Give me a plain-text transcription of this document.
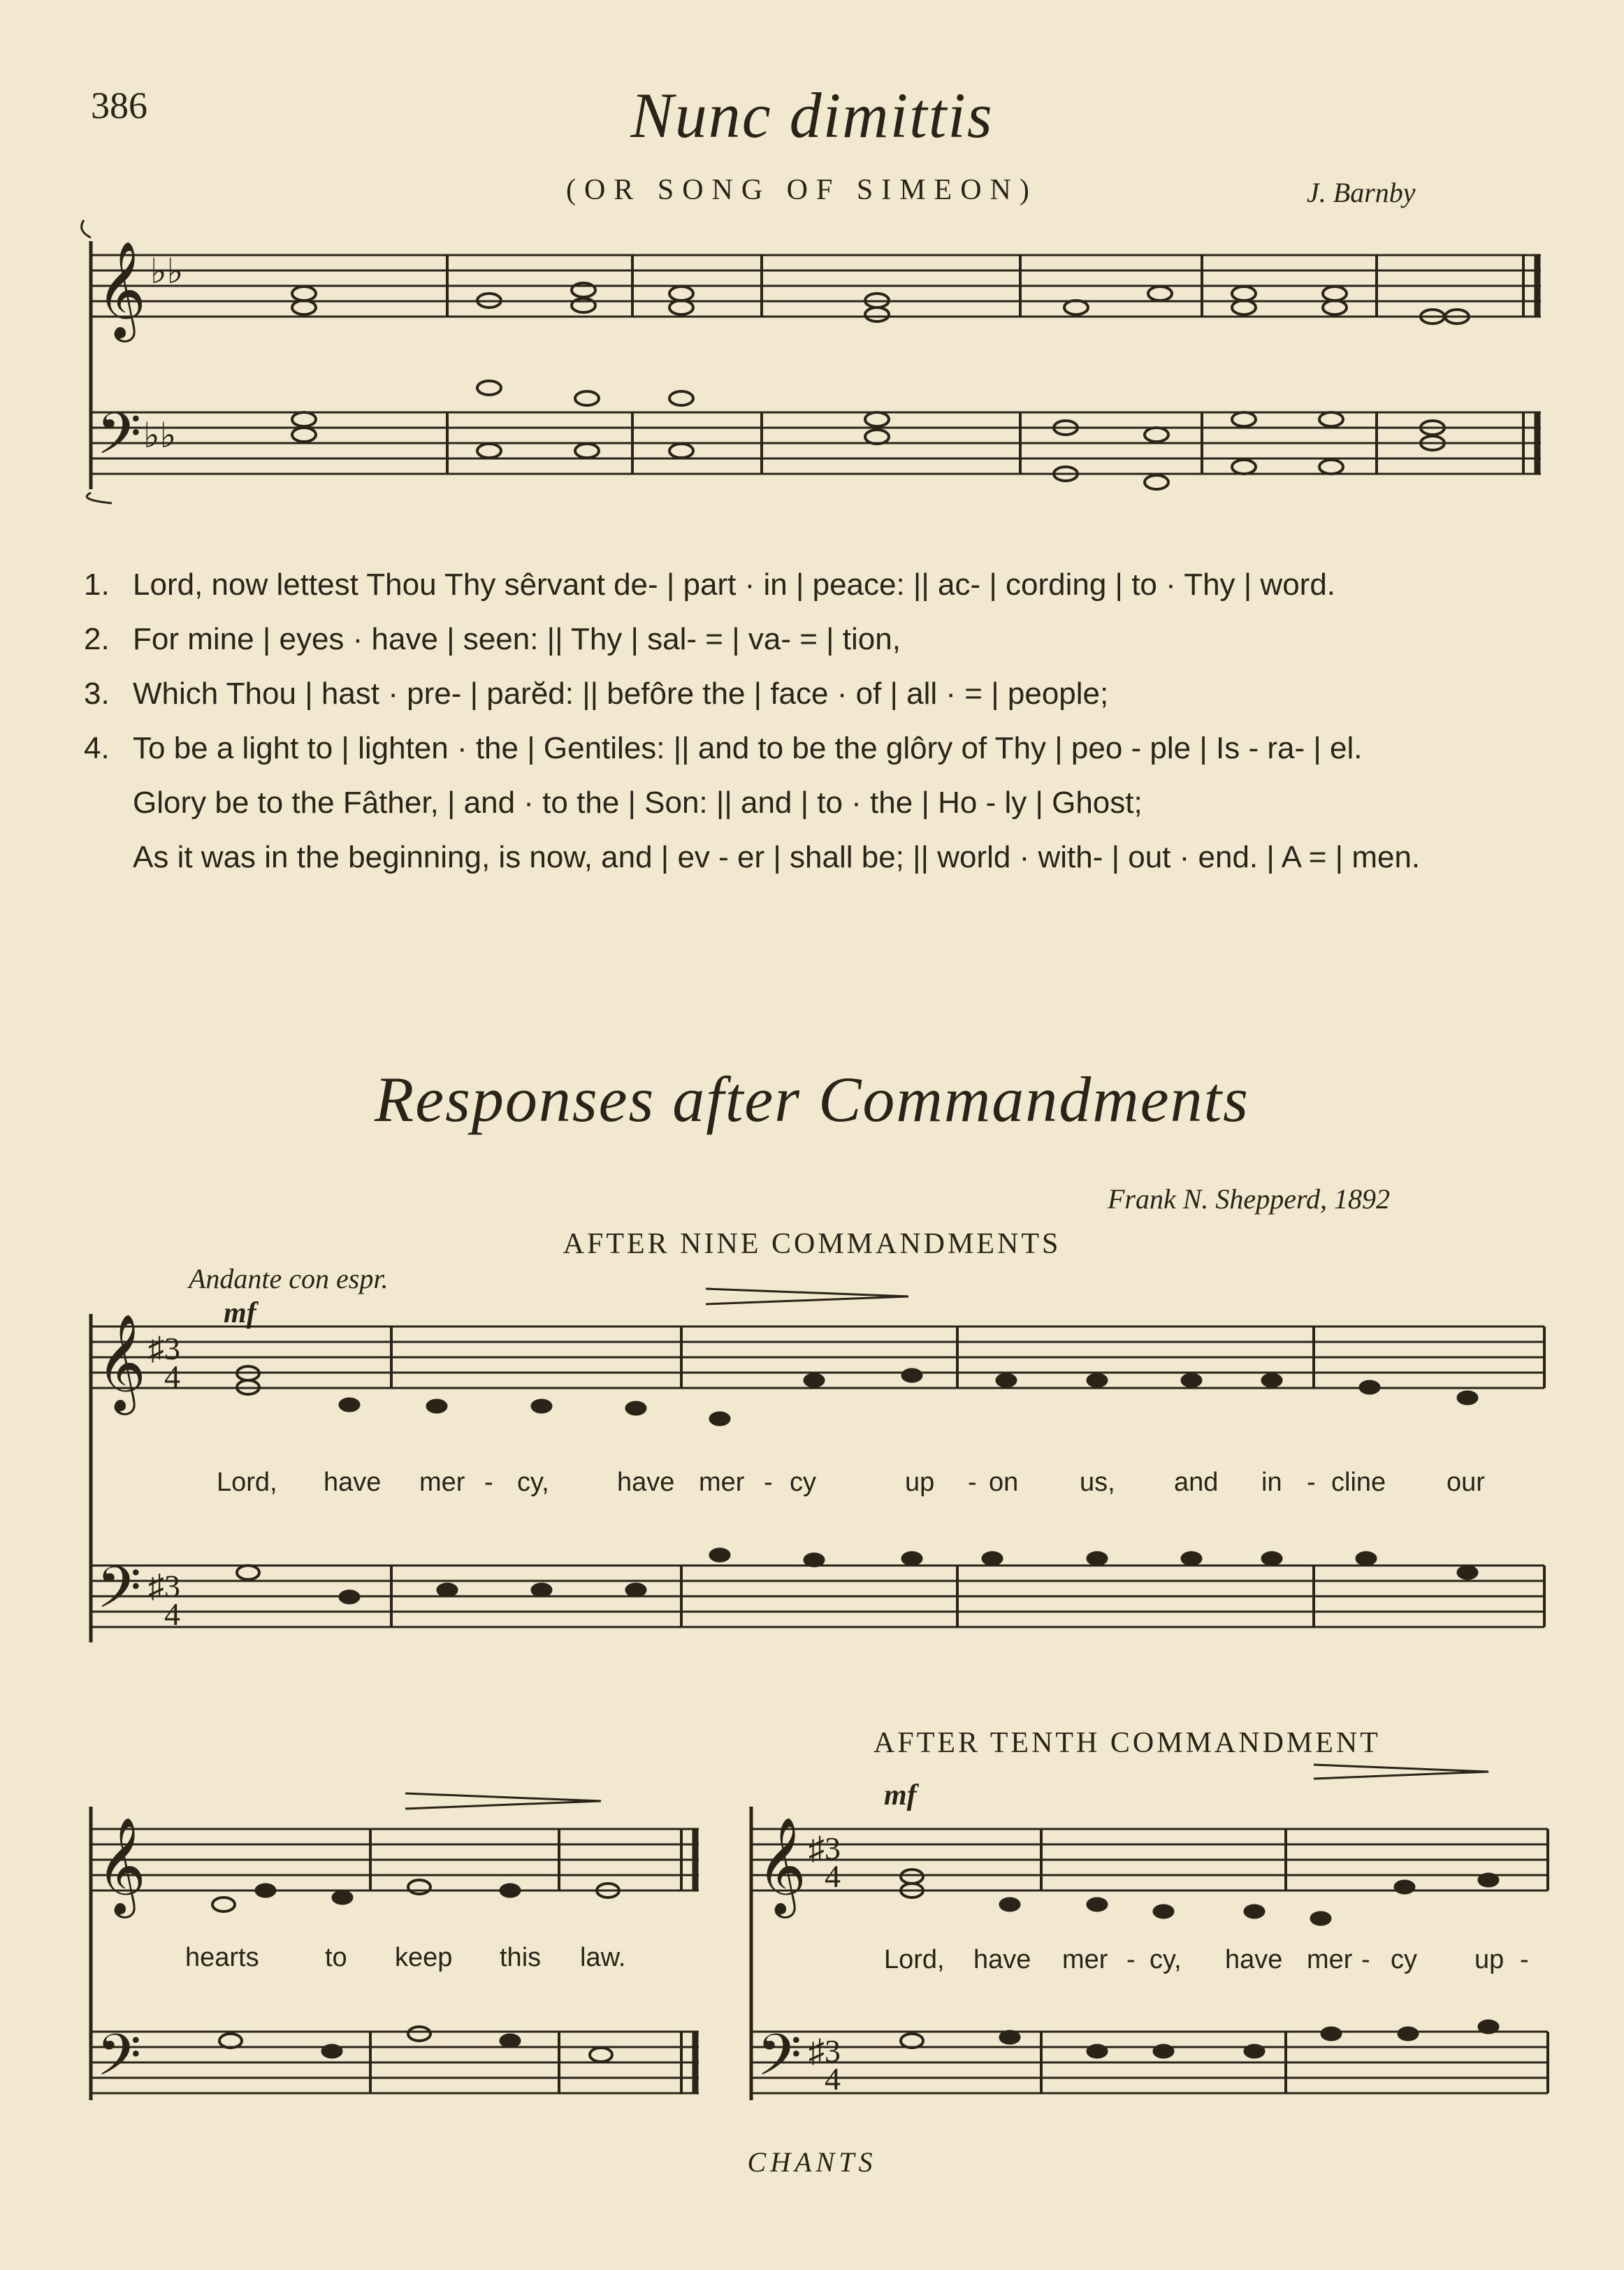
386	Nunc dimittis
(OR SONG OF SIMEON)	J. Barnby
𝄞
𝄢
♭♭
♭♭
𝄞
𝄢
♯3
4
♯3
4
𝄞
𝄢
𝄞
𝄢
♯3
4
♯3
4
1. Lord, now lettest Thou Thy sêrvant de- | part · in | peace: || ac- | cording | to · Thy | word.
2. For mine | eyes · have | seen: || Thy | sal- = | va- = | tion,
3. Which Thou | hast · pre- | parĕd: || befôre the | face · of | all · = | people;
4. To be a light to | lighten · the | Gentiles: || and to be the glôry of Thy | peo - ple | Is - ra- | el.
Glory be to the Fâther, | and · to the | Son: || and | to · the | Ho - ly | Ghost;
As it was in the beginning, is now, and | ev - er | shall be; || world · with- | out · end. | A = | men.
Responses after Commandments
Frank N. Shepperd, 1892
AFTER NINE COMMANDMENTS
Andante con espr.
mf
Lord, have mer - cy,	have mer - cy	up - on us, and in - cline our
hearts to keep this law.
AFTER TENTH COMMANDMENT
mf
Lord, have mer - cy, have mer - cy up -
CHANTS
